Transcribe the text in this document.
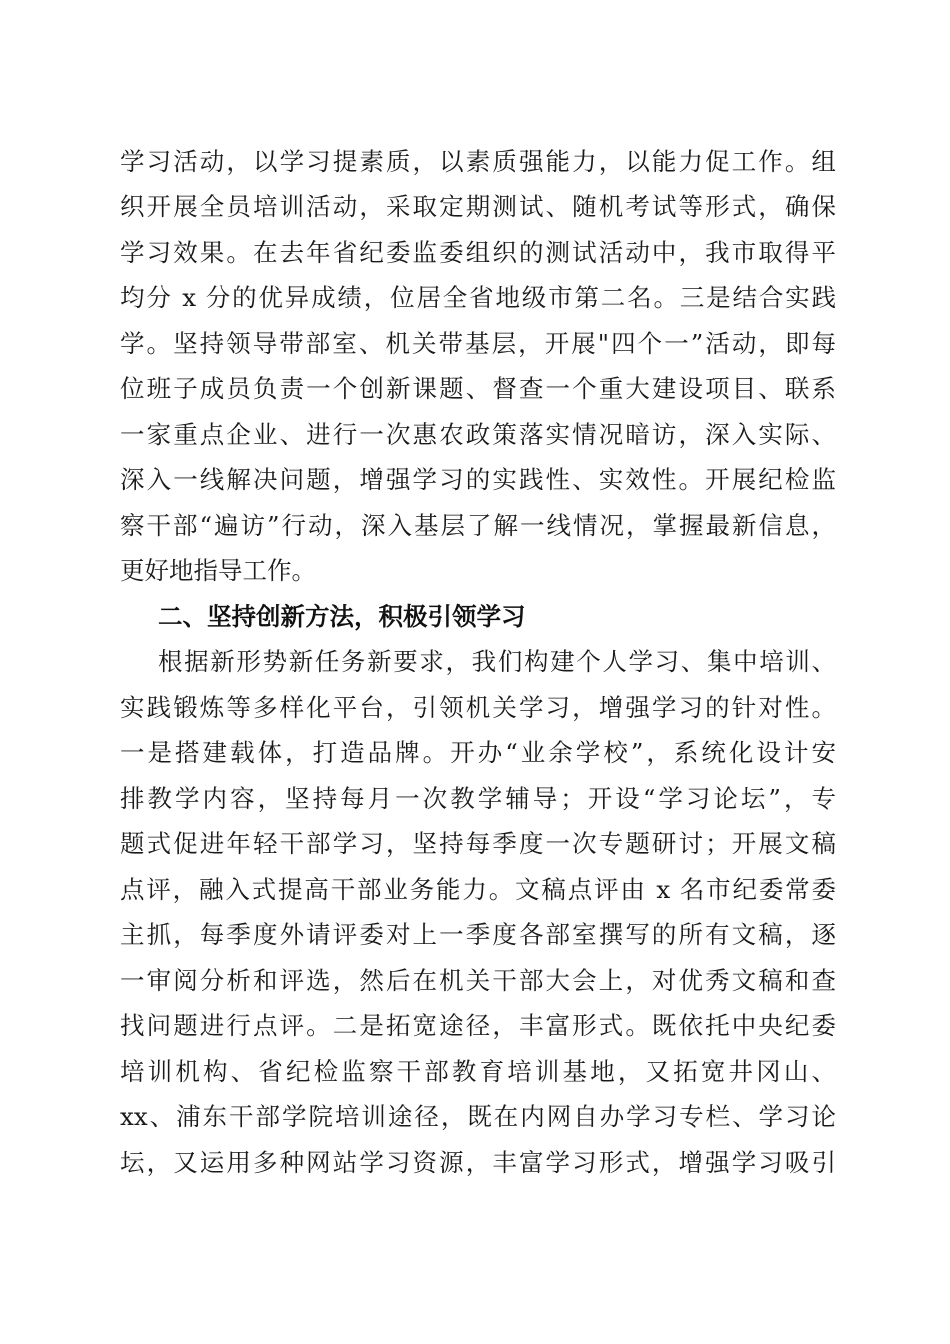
学习活动，以学习提素质，以素质强能力，以能力促工作。组
织开展全员培训活动，采取定期测试、随机考试等形式，确保
学习效果。在去年省纪委监委组织的测试活动中，我市取得平
均分 x 分的优异成绩，位居全省地级市第二名。三是结合实践
学。坚持领导带部室、机关带基层，开展"四个一”活动，即每
位班子成员负责一个创新课题、督查一个重大建设项目、联系
一家重点企业、进行一次惠农政策落实情况暗访，深入实际、
深入一线解决问题，增强学习的实践性、实效性。开展纪检监
察干部“遍访”行动，深入基层了解一线情况，掌握最新信息，
更好地指导工作。
二、坚持创新方法，积极引领学习
根据新形势新任务新要求，我们构建个人学习、集中培训、
实践锻炼等多样化平台，引领机关学习，增强学习的针对性。
一是搭建载体，打造品牌。开办“业余学校”，系统化设计安
排教学内容，坚持每月一次教学辅导；开设“学习论坛”，专
题式促进年轻干部学习，坚持每季度一次专题研讨；开展文稿
点评，融入式提高干部业务能力。文稿点评由 x 名市纪委常委
主抓，每季度外请评委对上一季度各部室撰写的所有文稿，逐
一审阅分析和评选，然后在机关干部大会上，对优秀文稿和查
找问题进行点评。二是拓宽途径，丰富形式。既依托中央纪委
培训机构、省纪检监察干部教育培训基地，又拓宽井冈山、
xx、浦东干部学院培训途径，既在内网自办学习专栏、学习论
坛，又运用多种网站学习资源，丰富学习形式，增强学习吸引
